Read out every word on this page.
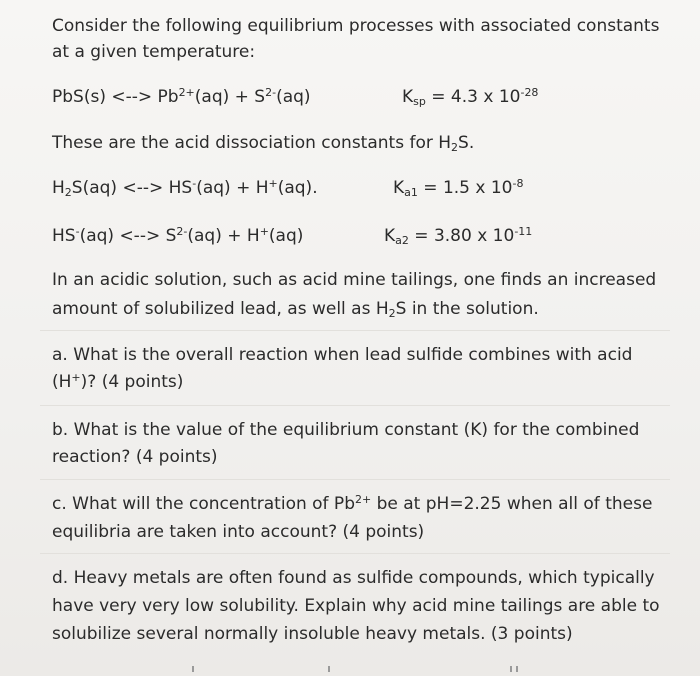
Consider the following equilibrium processes with associated constants

at a given temperature:

PbS(s) <--> $Pb^{2+}(aq) + S^{2-}(aq)$	$K_{sp} = 4.3$ x $10^{-28}$
These are the acid dissociation constants for $H_2S$.
$H_2S(aq)$ <--> HS-(aq) + H+(aq).	$K_{a1} = 1.5$ x $10^{-8}$
HS-(aq) <--> $S^{2-}(aq) + H^+(aq)$	$K_{a2} = 3.80$ x $10^{-11}$

In an acidic solution, such as acid mine tailings, one finds an increased

amount of solubilized lead, as well as $H_2S$ in the solution.

a. What is the overall reaction when lead sulfide combines with acid

(H+)? (4 points)

b. What is the value of the equilibrium constant (K) for the combined

reaction? (4 points)

c. What will the concentration of $Pb^{2+}$ be at pH=2.25 when all of these

equilibria are taken into account? (4 points)

d. Heavy metals are often found as sulfide compounds, which typically

have very very low solubility. Explain why acid mine tailings are able to

solubilize several normally insoluble heavy metals. (3 points)
